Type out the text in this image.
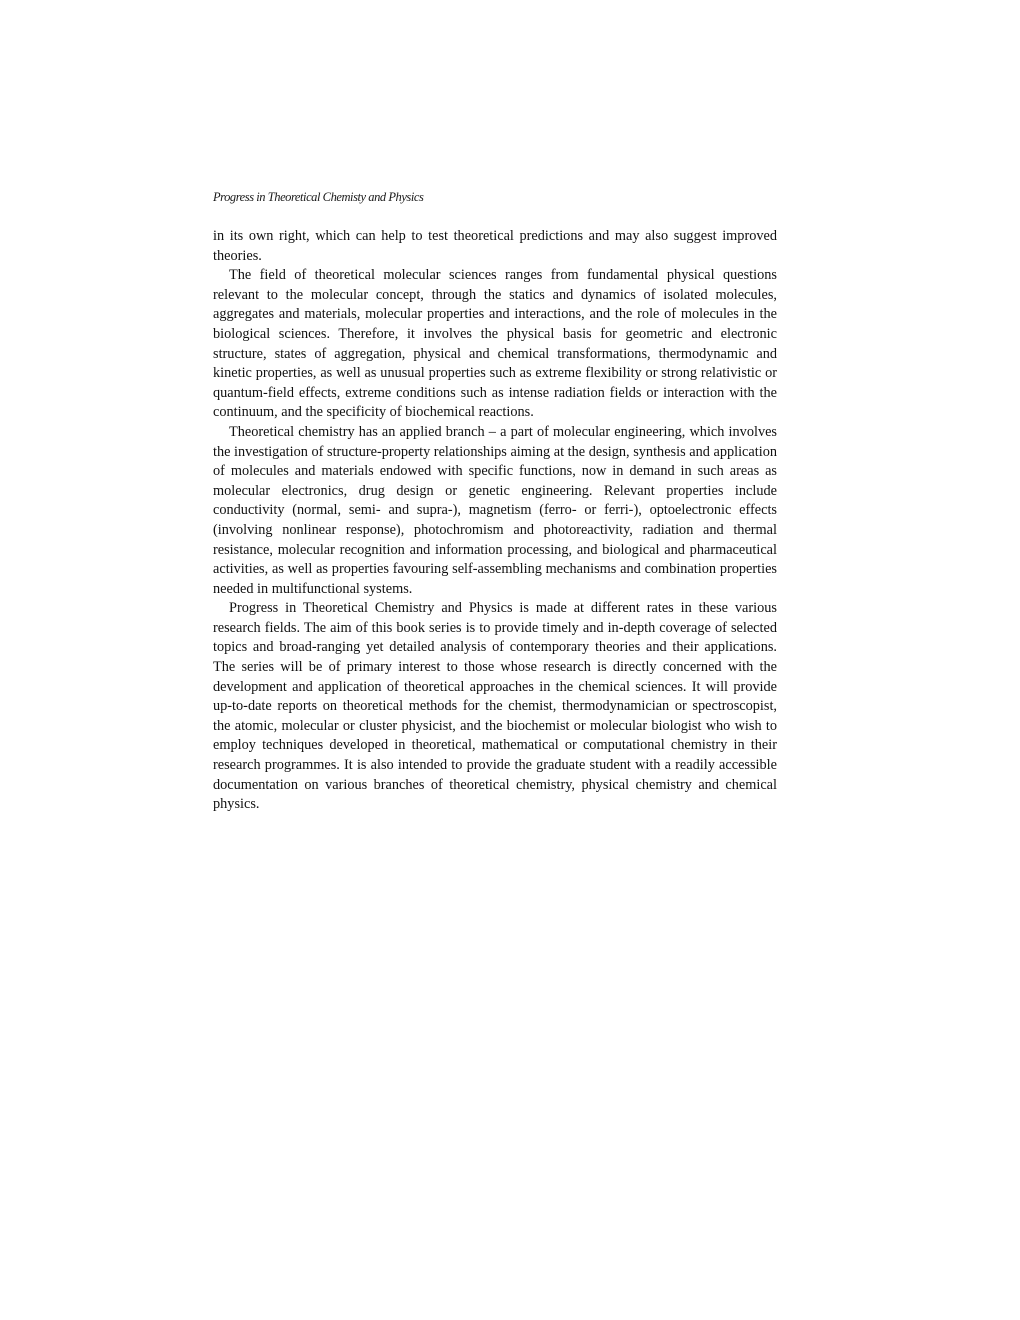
Progress in Theoretical Chemisty and Physics

in its own right, which can help to test theoretical predictions and may also suggest improved theories.

The field of theoretical molecular sciences ranges from fundamental physical questions relevant to the molecular concept, through the statics and dynamics of isolated molecules, aggregates and materials, molecular properties and interactions, and the role of molecules in the biological sciences. Therefore, it involves the physical basis for geometric and electronic structure, states of aggregation, physical and chemical transformations, thermodynamic and kinetic properties, as well as unusual properties such as extreme flexibility or strong relativistic or quantum-field effects, extreme conditions such as intense radiation fields or interaction with the continuum, and the specificity of biochemical reactions.

Theoretical chemistry has an applied branch – a part of molecular engineering, which involves the investigation of structure-property relationships aiming at the design, synthesis and application of molecules and materials endowed with specific functions, now in demand in such areas as molecular electronics, drug design or genetic engineering. Relevant properties include conductivity (normal, semi- and supra-), magnetism (ferro- or ferri-), optoelectronic effects (involving nonlinear response), photochromism and photoreactivity, radiation and thermal resistance, molecular recognition and information processing, and biological and pharmaceutical activities, as well as properties favouring self-assembling mechanisms and combination properties needed in multifunctional systems.

Progress in Theoretical Chemistry and Physics is made at different rates in these various research fields. The aim of this book series is to provide timely and in-depth coverage of selected topics and broad-ranging yet detailed analysis of contemporary theories and their applications. The series will be of primary interest to those whose research is directly concerned with the development and application of theoretical approaches in the chemical sciences. It will provide up-to-date reports on theoretical methods for the chemist, thermodynamician or spectroscopist, the atomic, molecular or cluster physicist, and the biochemist or molecular biologist who wish to employ techniques developed in theoretical, mathematical or computational chemistry in their research programmes. It is also intended to provide the graduate student with a readily accessible documentation on various branches of theoretical chemistry, physical chemistry and chemical physics.
